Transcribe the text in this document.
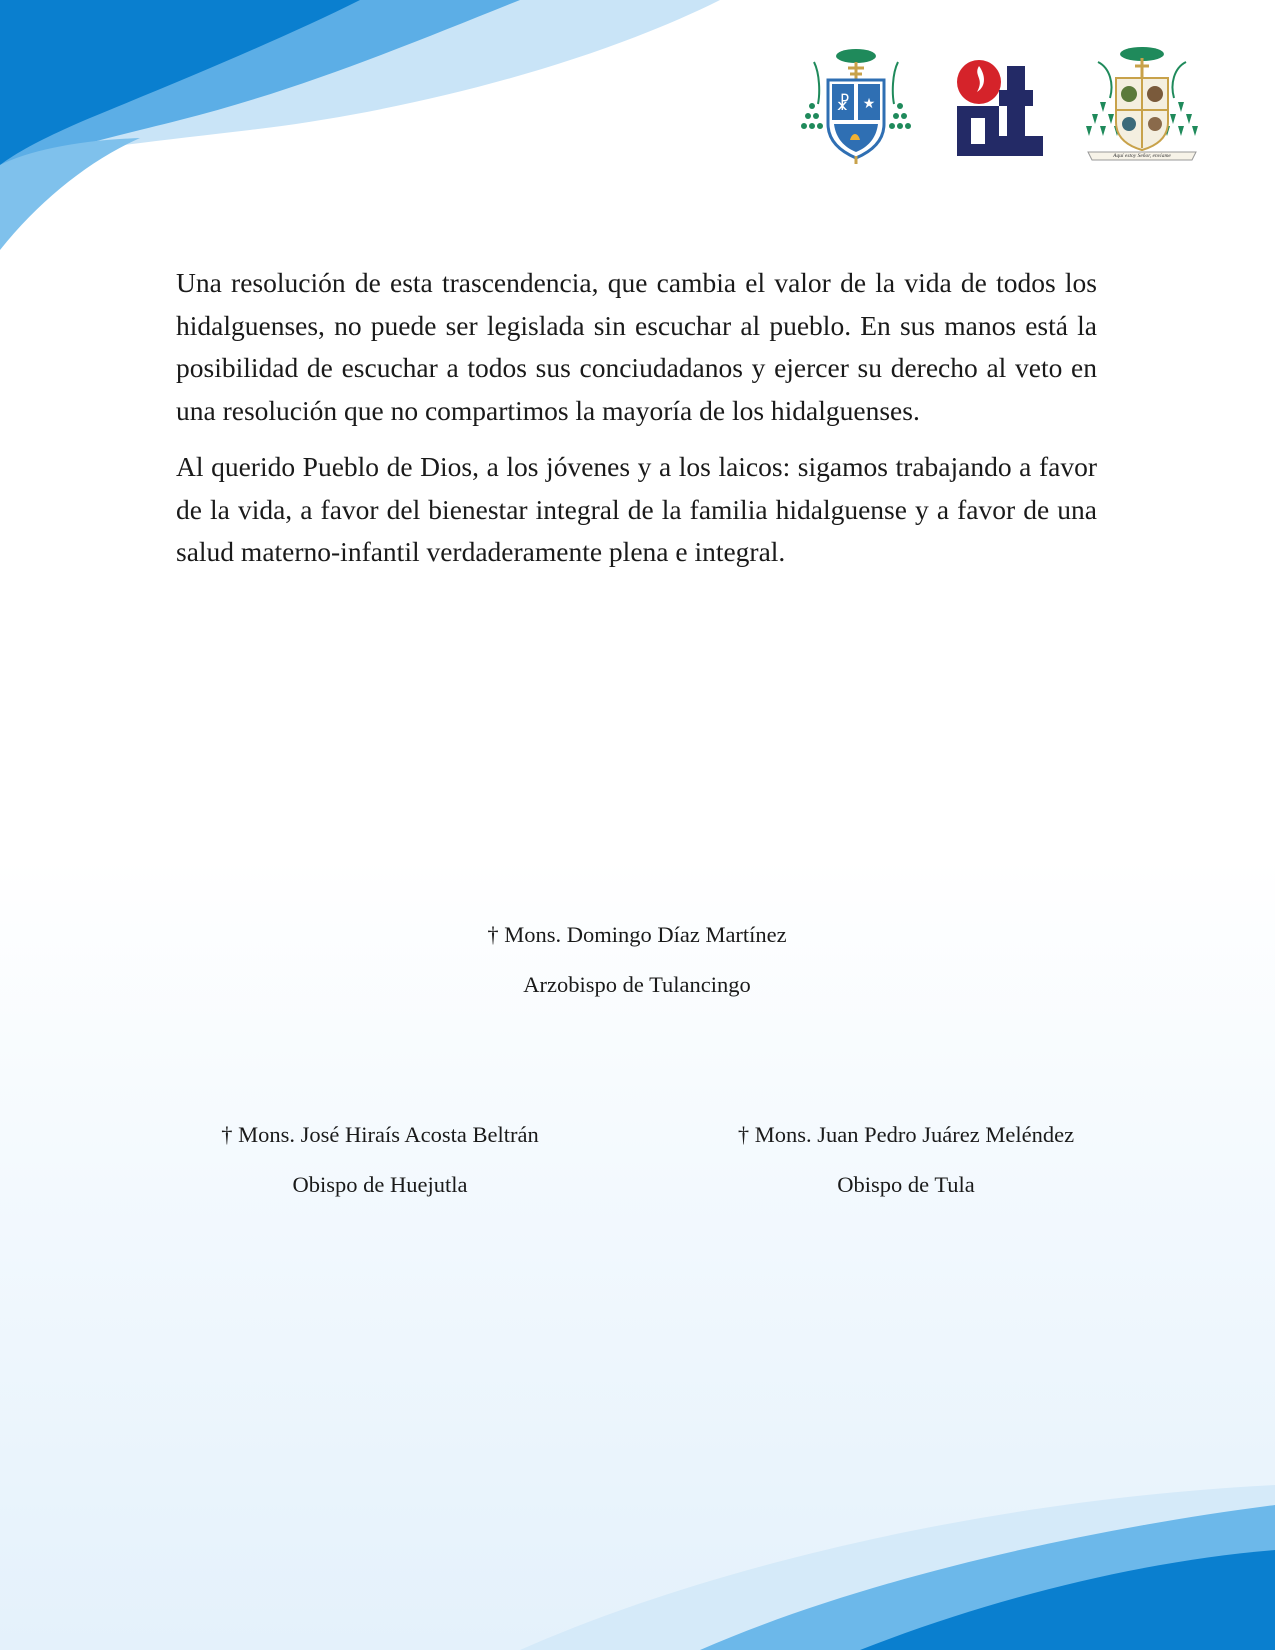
☧ ★
Aquí estoy Señor, envíame

Una resolución de esta trascendencia, que cambia el valor de la vida de todos los hidalguenses, no puede ser legislada sin escuchar al pueblo. En sus manos está la posibilidad de escuchar a todos sus conciudadanos y ejercer su derecho al veto en una resolución que no compartimos la mayoría de los hidalguenses.

Al querido Pueblo de Dios, a los jóvenes y a los laicos: sigamos trabajando a favor de la vida, a favor del bienestar integral de la familia hidalguense y a favor de una salud materno-infantil verdaderamente plena e integral.

† Mons. Domingo Díaz Martínez
Arzobispo de Tulancingo
† Mons. José Hiraís Acosta Beltrán
Obispo de Huejutla
† Mons. Juan Pedro Juárez Meléndez
Obispo de Tula
